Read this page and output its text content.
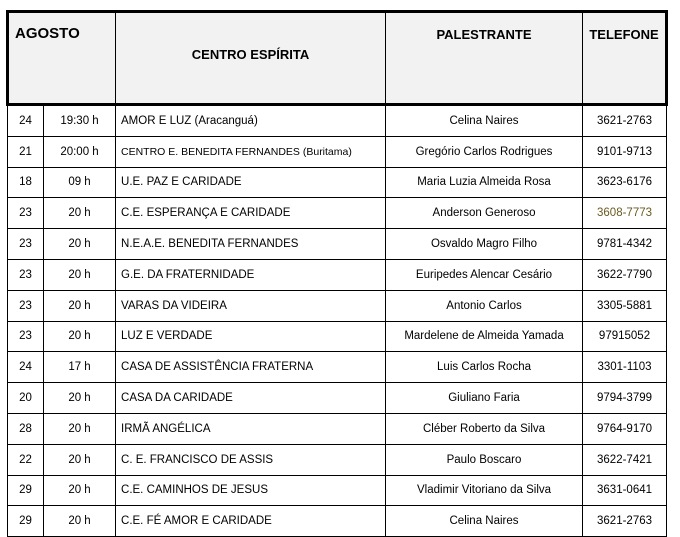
AGOSTO		CENTRO ESPÍRITA	PALESTRANTE	TELEFONE
24	19:30 h	AMOR E LUZ (Aracanguá)	Celina Naires	3621-2763
21	20:00 h	CENTRO E. BENEDITA FERNANDES (Buritama)	Gregório Carlos Rodrigues	9101-9713
18	09 h	U.E. PAZ E CARIDADE	Maria Luzia Almeida Rosa	3623-6176
23	20 h	C.E. ESPERANÇA E CARIDADE	Anderson Generoso	3608-7773
23	20 h	N.E.A.E. BENEDITA FERNANDES	Osvaldo Magro Filho	9781-4342
23	20 h	G.E. DA FRATERNIDADE	Euripedes Alencar Cesário	3622-7790
23	20 h	VARAS DA VIDEIRA	Antonio Carlos	3305-5881
23	20 h	LUZ E VERDADE	Mardelene de Almeida Yamada	97915052
24	17 h	CASA DE ASSISTÊNCIA FRATERNA	Luis Carlos Rocha	3301-1103
20	20 h	CASA DA CARIDADE	Giuliano Faria	9794-3799
28	20 h	IRMÃ ANGÉLICA	Cléber Roberto da Silva	9764-9170
22	20 h	C. E. FRANCISCO DE ASSIS	Paulo Boscaro	3622-7421
29	20 h	C.E. CAMINHOS DE JESUS	Vladimir Vitoriano da Silva	3631-0641
29	20 h	C.E. FÉ AMOR E CARIDADE	Celina Naires	3621-2763
